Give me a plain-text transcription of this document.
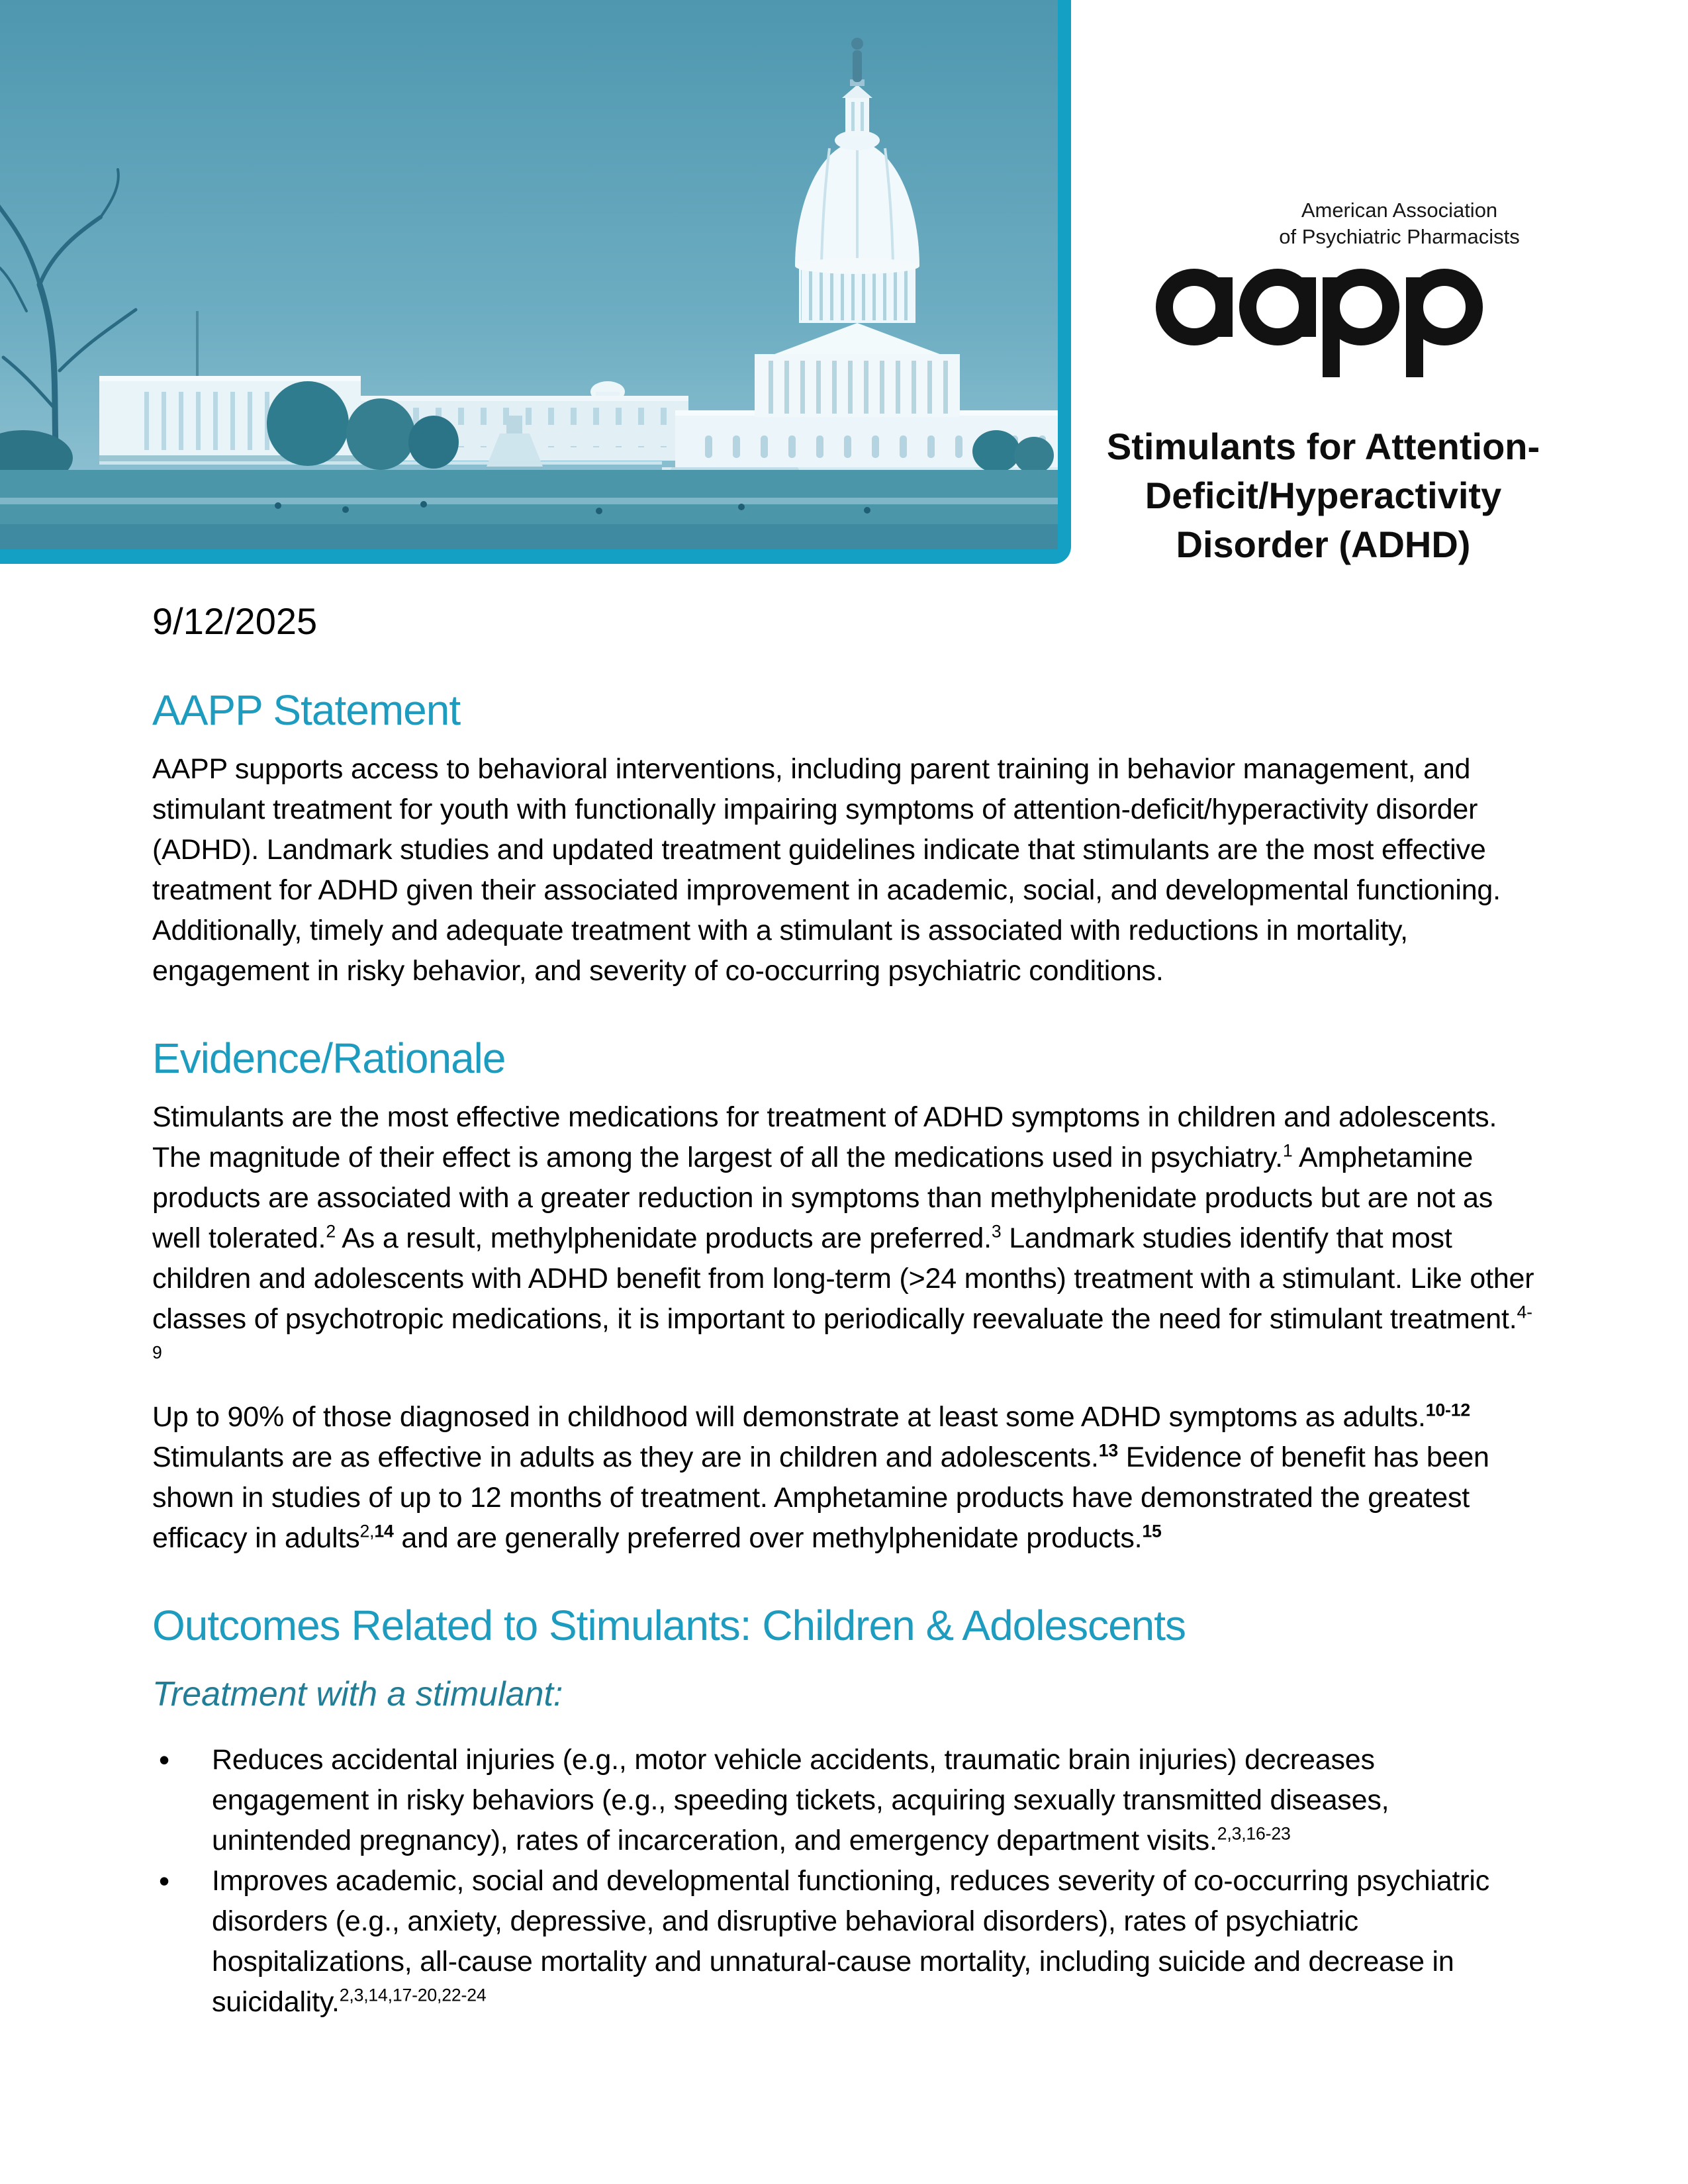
American Association
of Psychiatric Pharmacists
Stimulants for Attention-
Deficit/Hyperactivity
Disorder (ADHD)

9/12/2025

AAPP Statement

AAPP supports access to behavioral interventions, including parent training in behavior management, and stimulant treatment for youth with functionally impairing symptoms of attention-deficit/hyperactivity disorder (ADHD). Landmark studies and updated treatment guidelines indicate that stimulants are the most effective treatment for ADHD given their associated improvement in academic, social, and developmental functioning. Additionally, timely and adequate treatment with a stimulant is associated with reductions in mortality, engagement in risky behavior, and severity of co-occurring psychiatric conditions.

Evidence/Rationale

Stimulants are the most effective medications for treatment of ADHD symptoms in children and adolescents. The magnitude of their effect is among the largest of all the medications used in psychiatry.$^1$ Amphetamine products are associated with a greater reduction in symptoms than methylphenidate products but are not as well tolerated.$^2$ As a result, methylphenidate products are preferred.$^3$ Landmark studies identify that most children and adolescents with ADHD benefit from long-term (>24 months) treatment with a stimulant. Like other classes of psychotropic medications, it is important to periodically reevaluate the need for stimulant treatment.$^{4-9}$

Up to 90% of those diagnosed in childhood will demonstrate at least some ADHD symptoms as adults.$^{10-12}$ Stimulants are as effective in adults as they are in children and adolescents.$^{13}$ Evidence of benefit has been shown in studies of up to 12 months of treatment. Amphetamine products have demonstrated the greatest efficacy in adults$^{2,14}$ and are generally preferred over methylphenidate products.$^{15}$

Outcomes Related to Stimulants: Children & Adolescents
Treatment with a stimulant:
• Reduces accidental injuries (e.g., motor vehicle accidents, traumatic brain injuries) decreases engagement in risky behaviors (e.g., speeding tickets, acquiring sexually transmitted diseases, unintended pregnancy), rates of incarceration, and emergency department visits.$^{2,3,16-23}$
• Improves academic, social and developmental functioning, reduces severity of co-occurring psychiatric disorders (e.g., anxiety, depressive, and disruptive behavioral disorders), rates of psychiatric hospitalizations, all-cause mortality and unnatural-cause mortality, including suicide and decrease in suicidality.$^{2,3,14,17-20,22-24}$
